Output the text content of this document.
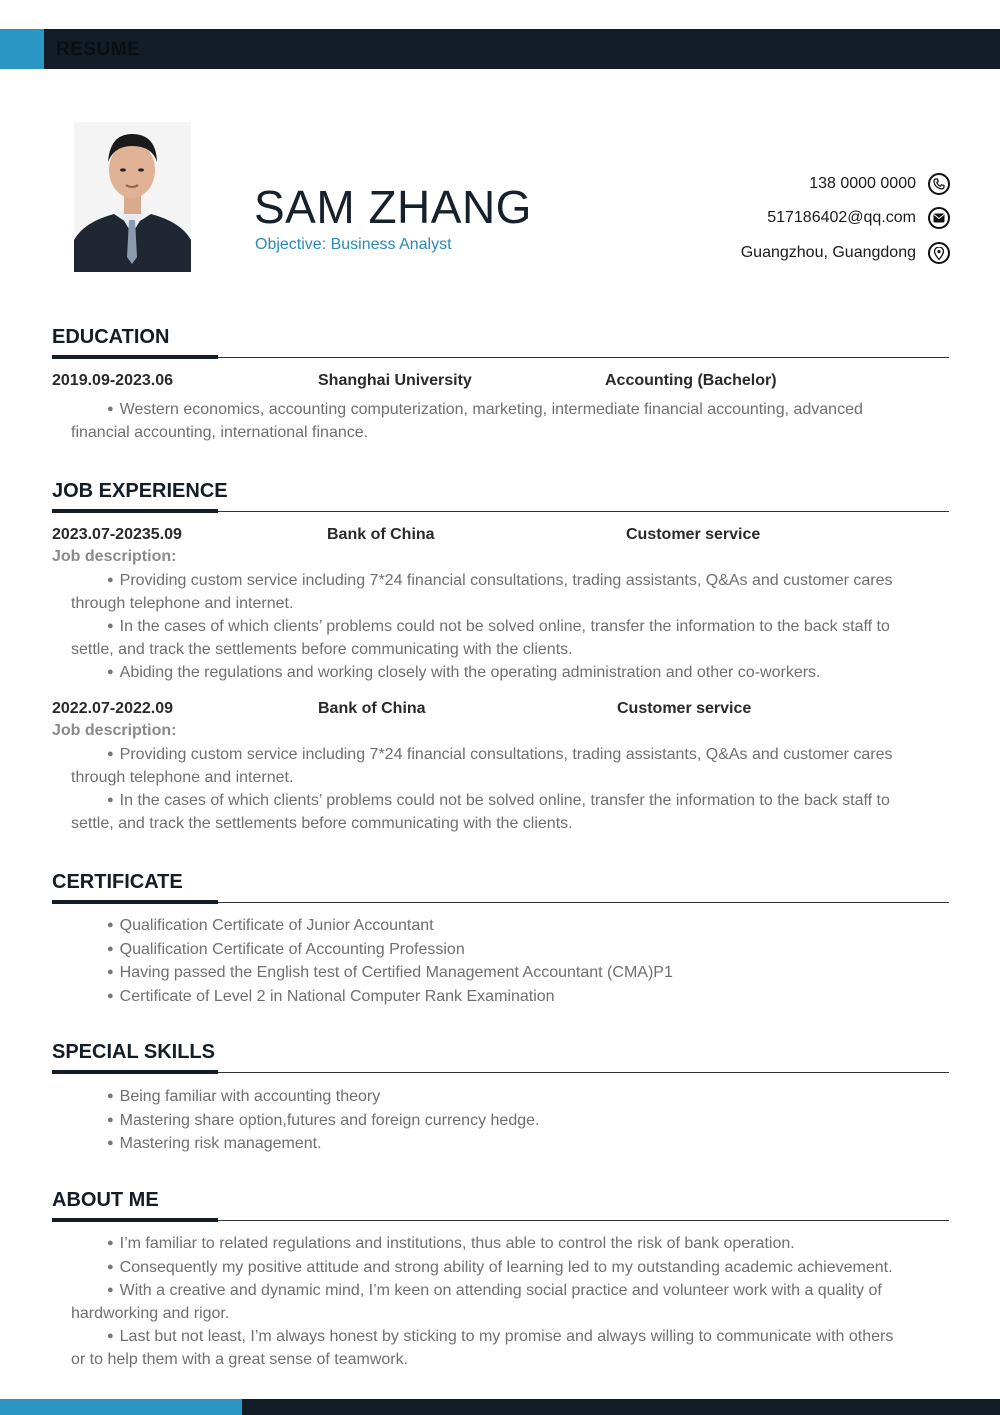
RESUME
SAM ZHANG
Objective: Business Analyst
138 0000 0000
517186402@qq.com
Guangzhou, Guangdong
EDUCATION
2019.09-2023.06	Shanghai University	Accounting (Bachelor)
● Western economics, accounting computerization, marketing, intermediate financial accounting, advanced
financial accounting, international finance.
JOB EXPERIENCE
2023.07-20235.09	Bank of China	Customer service
Job description:
● Providing custom service including 7*24 financial consultations, trading assistants, Q&As and customer cares
through telephone and internet.
● In the cases of which clients’ problems could not be solved online, transfer the information to the back staff to
settle, and track the settlements before communicating with the clients.
● Abiding the regulations and working closely with the operating administration and other co-workers.
2022.07-2022.09	Bank of China	Customer service
Job description:
● Providing custom service including 7*24 financial consultations, trading assistants, Q&As and customer cares
through telephone and internet.
● In the cases of which clients’ problems could not be solved online, transfer the information to the back staff to
settle, and track the settlements before communicating with the clients.
CERTIFICATE
● Qualification Certificate of Junior Accountant
● Qualification Certificate of Accounting Profession
● Having passed the English test of Certified Management Accountant (CMA)P1
● Certificate of Level 2 in National Computer Rank Examination
SPECIAL SKILLS
● Being familiar with accounting theory
● Mastering share option,futures and foreign currency hedge.
● Mastering risk management.
ABOUT ME
● I’m familiar to related regulations and institutions, thus able to control the risk of bank operation.
● Consequently my positive attitude and strong ability of learning led to my outstanding academic achievement.
● With a creative and dynamic mind, I’m keen on attending social practice and volunteer work with a quality of
hardworking and rigor.
● Last but not least, I’m always honest by sticking to my promise and always willing to communicate with others
or to help them with a great sense of teamwork.
